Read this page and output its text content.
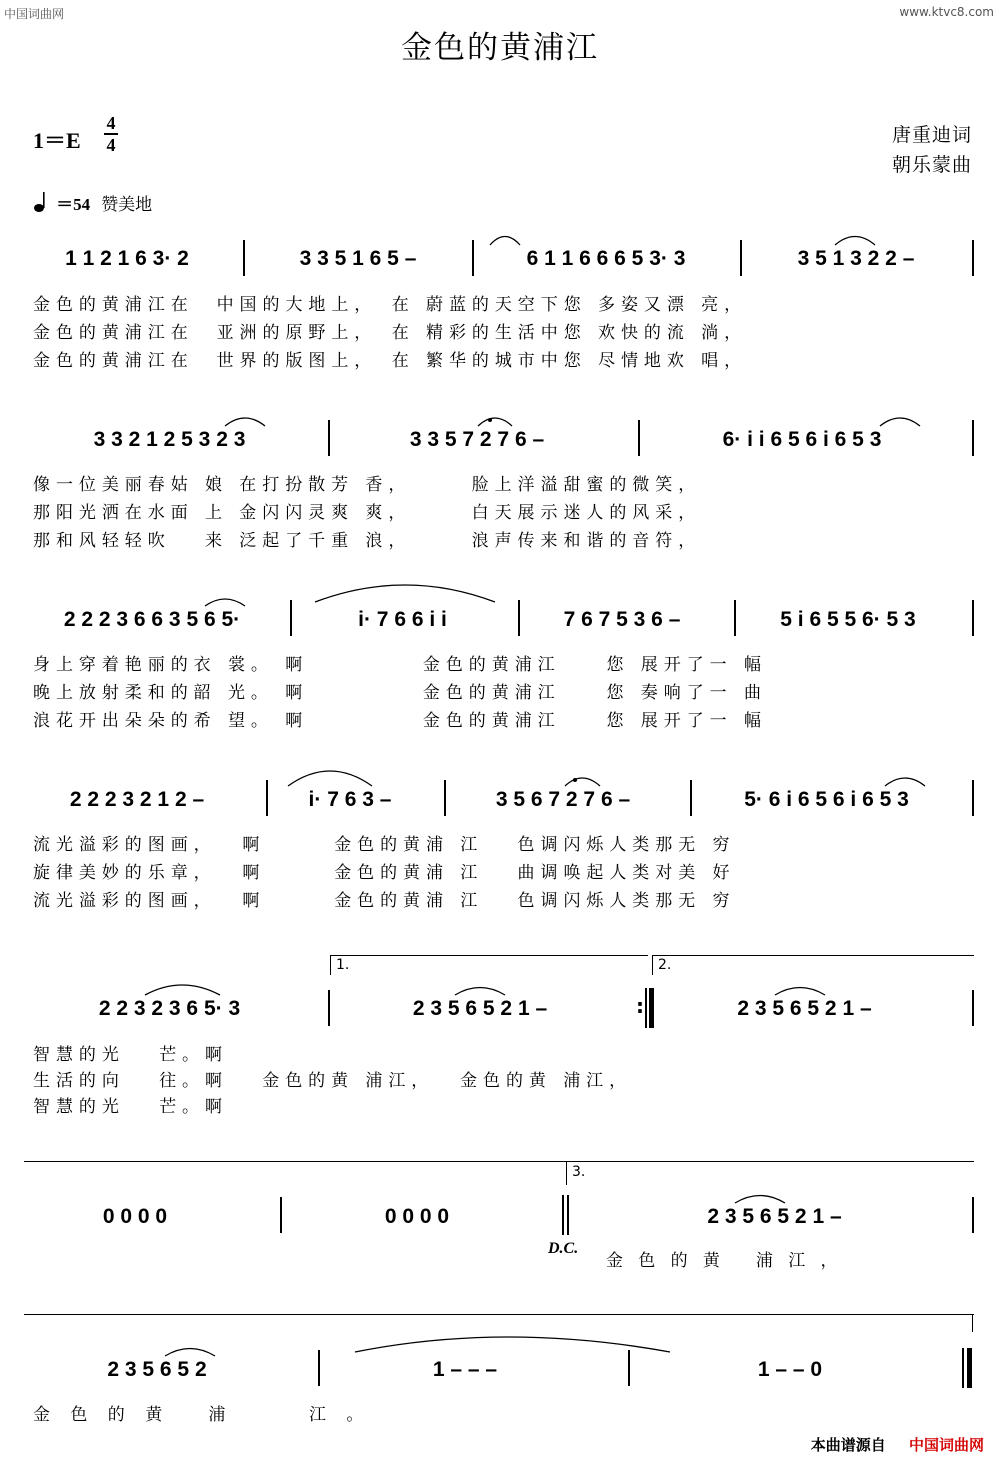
中国词曲网	www.ktvc8.com
金色的黄浦江
1＝E
4
4	唐重迪词
朝乐蒙曲
＝54 赞美地
1 1 2 1 6 3· 2	3 3 5 1 6 5 –	6 1 1 6 6 6 5 3· 3	3 5 1 3 2 2 –
金色的黄浦江在　中国的大地上，　在 蔚蓝的天空下您 多姿又漂 亮，
金色的黄浦江在　亚洲的原野上，　在 精彩的生活中您 欢快的流 淌，
金色的黄浦江在　世界的版图上，　在 繁华的城市中您 尽情地欢 唱，
3 3 2 1 2 5 3 2 3	3 3 5 7 2 7 6 –	6· i i 6 5 6 i 6 5 3
像一位美丽春姑 娘 在打扮散芳 香，　　　脸上洋溢甜蜜的微笑，
那阳光洒在水面 上 金闪闪灵爽 爽，　　　白天展示迷人的风采，
那和风轻轻吹　 来 泛起了千重 浪，　　　浪声传来和谐的音符，
2 2 2 3 6 6 3 5 6 5·	i· 7 6 6 i i	7 6 7 5 3 6 –	5 i 6 5 5 6· 5 3
身上穿着艳丽的衣 裳。 啊　　　　　金色的黄浦江　　您 展开了一 幅
晚上放射柔和的韶 光。 啊　　　　　金色的黄浦江　　您 奏响了一 曲
浪花开出朵朵的希 望。 啊　　　　　金色的黄浦江　　您 展开了一 幅
2 2 2 3 2 1 2 –	i· 7 6 3 –	3 5 6 7 2 7 6 –	5· 6 i 6 5 6 i 6 5 3
流光溢彩的图画，　 啊　　　金色的黄浦 江　 色调闪烁人类那无 穷
旋律美妙的乐章，　 啊　　　金色的黄浦 江　 曲调唤起人类对美 好
流光溢彩的图画，　 啊　　　金色的黄浦 江　 色调闪烁人类那无 穷
1.	2.
2 2 3 2 3 6 5· 3	2 3 5 6 5 2 1 –	:	2 3 5 6 5 2 1 –
智慧的光　 芒。啊
生活的向　 往。啊　 金色的黄 浦江，　 金色的黄 浦江，
智慧的光　 芒。啊
3.
0 0 0 0	0 0 0 0
D.C.
2 3 5 6 5 2 1 –
金色的黄 浦江，
2 3 5 6 5 2	1 – – –	1 – – 0
金色的黄 浦　 江。
本曲谱源自 中国词曲网
